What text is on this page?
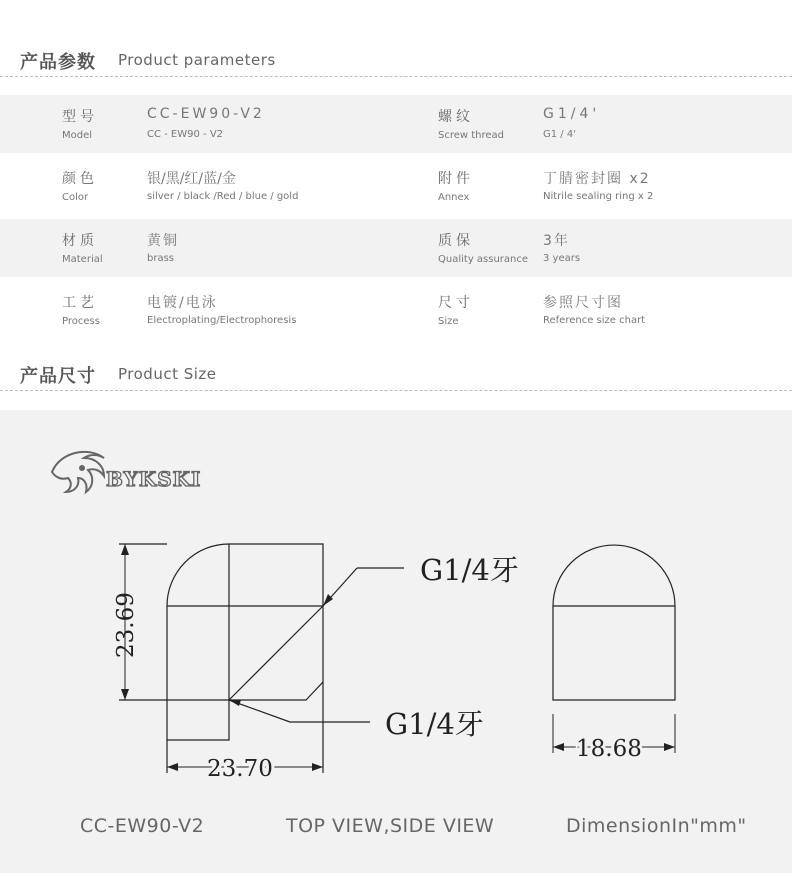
产品参数 Product parameters
型号
Model
CC-EW90-V2
CC - EW90 - V2
螺纹
Screw thread
G1/4'
G1 / 4'
颜色
Color
银/黑/红/蓝/金
silver / black /Red / blue / gold
附件
Annex
丁腈密封圈 x2
Nitrile sealing ring x 2
材质
Material
黄铜
brass
质保
Quality assurance
3年
3 years
工艺
Process
电镀/电泳
Electroplating/Electrophoresis
尺寸
Size
参照尺寸图
Reference size chart
产品尺寸 Product Size
BYKSKI
23.69
23.70
18.68
G1/4牙
G1/4牙
CC-EW90-V2	TOP VIEW,SIDE VIEW	DimensionIn"mm"
